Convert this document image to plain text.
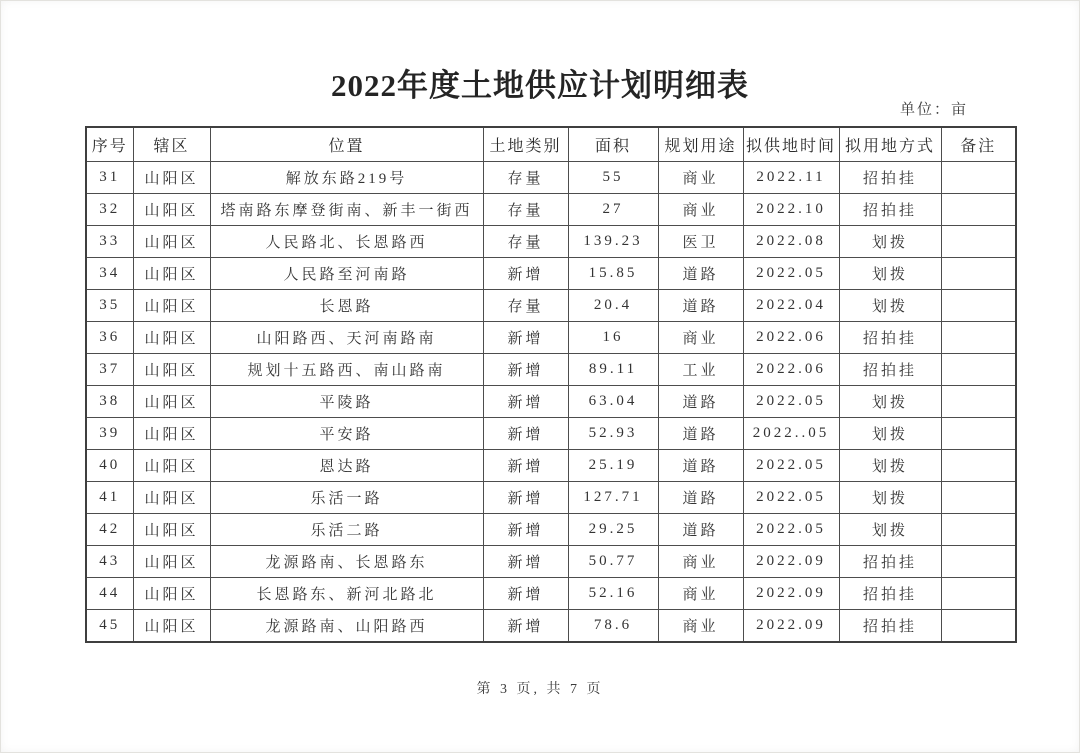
2022年度土地供应计划明细表
单位：亩
序号	辖区	位置	土地类别	面积	规划用途	拟供地时间	拟用地方式	备注
31	山阳区	解放东路219号	存量	55	商业	2022.11	招拍挂	
32	山阳区	塔南路东摩登街南、新丰一街西	存量	27	商业	2022.10	招拍挂	
33	山阳区	人民路北、长恩路西	存量	139.23	医卫	2022.08	划拨	
34	山阳区	人民路至河南路	新增	15.85	道路	2022.05	划拨	
35	山阳区	长恩路	存量	20.4	道路	2022.04	划拨	
36	山阳区	山阳路西、天河南路南	新增	16	商业	2022.06	招拍挂	
37	山阳区	规划十五路西、南山路南	新增	89.11	工业	2022.06	招拍挂	
38	山阳区	平陵路	新增	63.04	道路	2022.05	划拨	
39	山阳区	平安路	新增	52.93	道路	2022..05	划拨	
40	山阳区	恩达路	新增	25.19	道路	2022.05	划拨	
41	山阳区	乐活一路	新增	127.71	道路	2022.05	划拨	
42	山阳区	乐活二路	新增	29.25	道路	2022.05	划拨	
43	山阳区	龙源路南、长恩路东	新增	50.77	商业	2022.09	招拍挂	
44	山阳区	长恩路东、新河北路北	新增	52.16	商业	2022.09	招拍挂	
45	山阳区	龙源路南、山阳路西	新增	78.6	商业	2022.09	招拍挂	
第 3 页, 共 7 页
